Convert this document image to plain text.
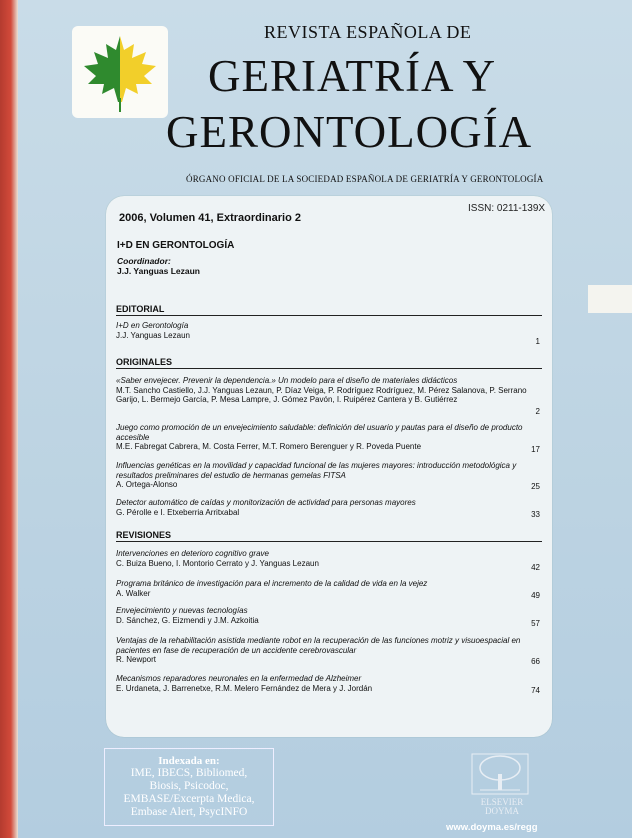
REVISTA ESPAÑOLA DE
GERIATRÍA Y
GERONTOLOGÍA
ÓRGANO OFICIAL DE LA SOCIEDAD ESPAÑOLA DE GERIATRÍA Y GERONTOLOGÍA
ISSN: 0211-139X
2006, Volumen 41, Extraordinario 2
I+D EN GERONTOLOGÍA
Coordinador:
J.J. Yanguas Lezaun
EDITORIAL
I+D en Gerontología
J.J. Yanguas Lezaun
1
ORIGINALES
«Saber envejecer. Prevenir la dependencia.» Un modelo para el diseño de materiales didácticos
M.T. Sancho Castiello, J.J. Yanguas Lezaun, P. Díaz Veiga, P. Rodríguez Rodríguez, M. Pérez Salanova, P. Serrano Garijo, L. Bermejo García, P. Mesa Lampre, J. Gómez Pavón, I. Ruipérez Cantera y B. Gutiérrez
2
Juego como promoción de un envejecimiento saludable: definición del usuario y pautas para el diseño de producto accesible
M.E. Fabregat Cabrera, M. Costa Ferrer, M.T. Romero Berenguer y R. Poveda Puente	17
Influencias genéticas en la movilidad y capacidad funcional de las mujeres mayores: introducción metodológica y resultados preliminares del estudio de hermanas gemelas FITSA
A. Ortega-Alonso	25
Detector automático de caídas y monitorización de actividad para personas mayores
G. Pérolle e I. Etxeberria Arritxabal	33
REVISIONES
Intervenciones en deterioro cognitivo grave
C. Buiza Bueno, I. Montorio Cerrato y J. Yanguas Lezaun	42
Programa británico de investigación para el incremento de la calidad de vida en la vejez
A. Walker	49
Envejecimiento y nuevas tecnologías
D. Sánchez, G. Eizmendi y J.M. Azkoitia	57
Ventajas de la rehabilitación asistida mediante robot en la recuperación de las funciones motriz y visuoespacial en pacientes en fase de recuperación de un accidente cerebrovascular
R. Newport	66
Mecanismos reparadores neuronales en la enfermedad de Alzheimer
E. Urdaneta, J. Barrenetxe, R.M. Melero Fernández de Mera y J. Jordán	74
Indexada en:
IME, IBECS, Bibliomed,
Biosis, Psicodoc,
EMBASE/Excerpta Medica,
Embase Alert, PsycINFO
ELSEVIER
DOYMA
www.doyma.es/regg
